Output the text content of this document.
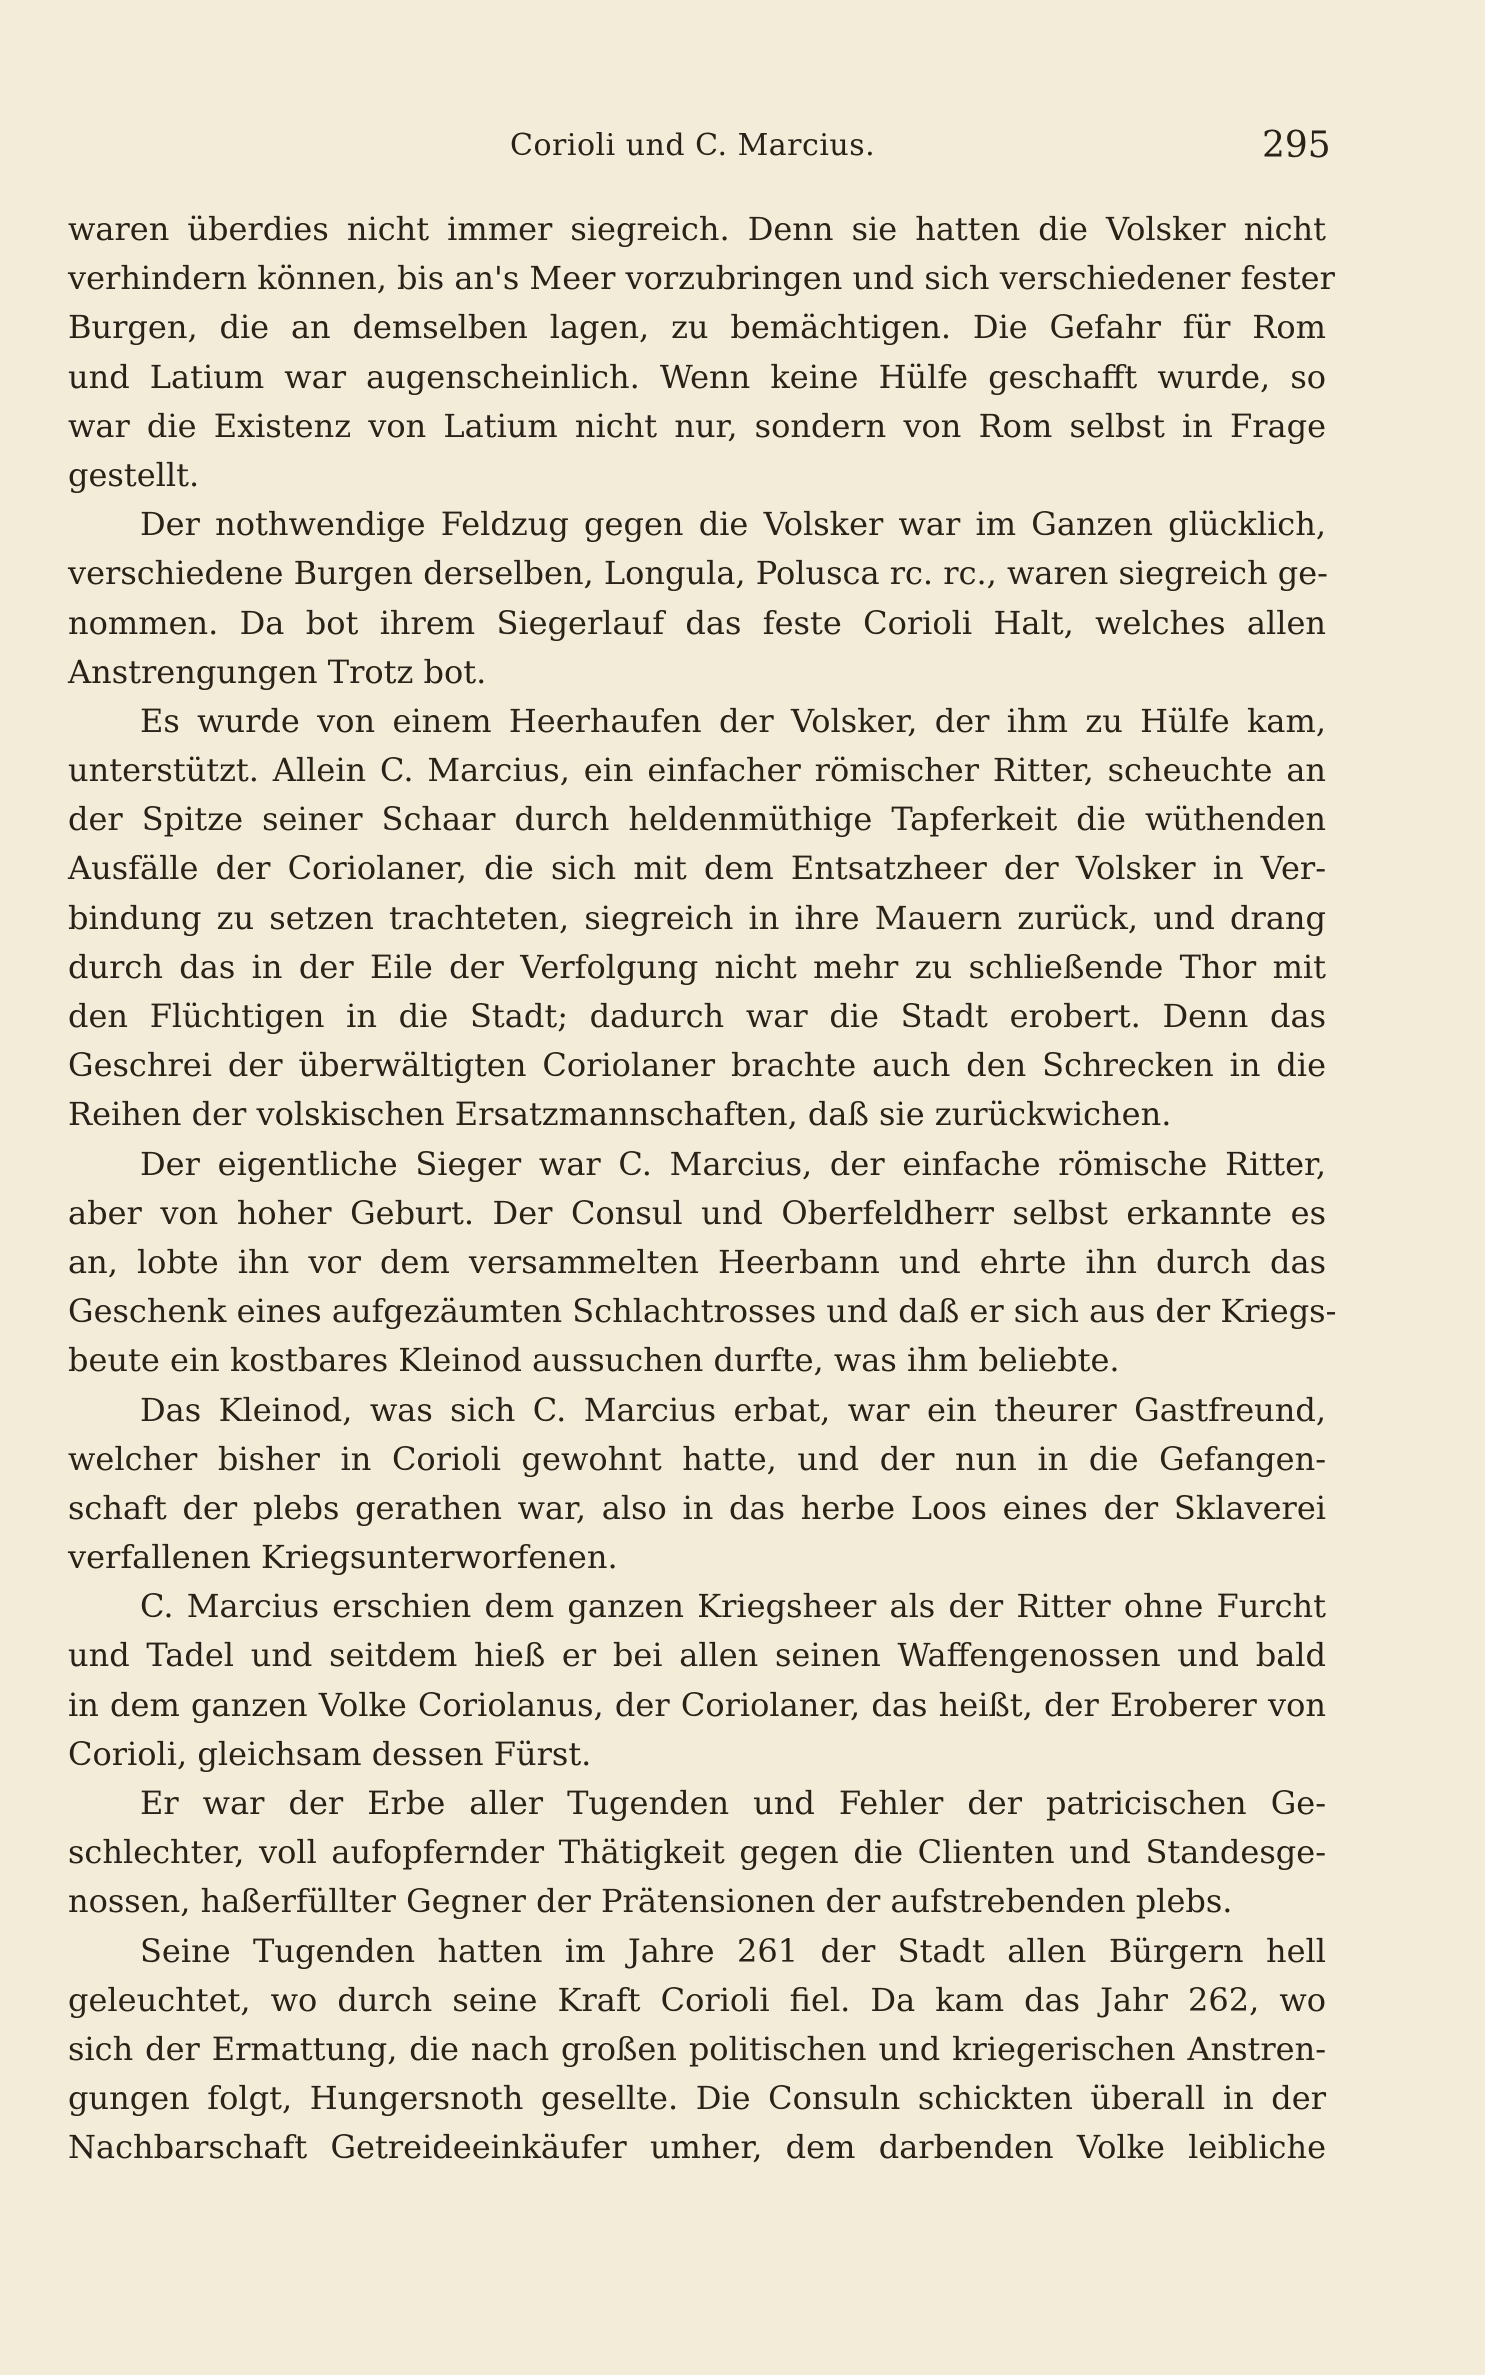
Corioli und C. Marcius.	295
waren überdies nicht immer siegreich. Denn sie hatten die Volsker nicht
verhindern können, bis an's Meer vorzubringen und sich verschiedener fester
Burgen, die an demselben lagen, zu bemächtigen. Die Gefahr für Rom
und Latium war augenscheinlich. Wenn keine Hülfe geschafft wurde, so
war die Existenz von Latium nicht nur, sondern von Rom selbst in Frage
gestellt.
Der nothwendige Feldzug gegen die Volsker war im Ganzen glücklich,
verschiedene Burgen derselben, Longula, Polusca rc. rc., waren siegreich ge-
nommen. Da bot ihrem Siegerlauf das feste Corioli Halt, welches allen
Anstrengungen Trotz bot.
Es wurde von einem Heerhaufen der Volsker, der ihm zu Hülfe kam,
unterstützt. Allein C. Marcius, ein einfacher römischer Ritter, scheuchte an
der Spitze seiner Schaar durch heldenmüthige Tapferkeit die wüthenden
Ausfälle der Coriolaner, die sich mit dem Entsatzheer der Volsker in Ver-
bindung zu setzen trachteten, siegreich in ihre Mauern zurück, und drang
durch das in der Eile der Verfolgung nicht mehr zu schließende Thor mit
den Flüchtigen in die Stadt; dadurch war die Stadt erobert. Denn das
Geschrei der überwältigten Coriolaner brachte auch den Schrecken in die
Reihen der volskischen Ersatzmannschaften, daß sie zurückwichen.
Der eigentliche Sieger war C. Marcius, der einfache römische Ritter,
aber von hoher Geburt. Der Consul und Oberfeldherr selbst erkannte es
an, lobte ihn vor dem versammelten Heerbann und ehrte ihn durch das
Geschenk eines aufgezäumten Schlachtrosses und daß er sich aus der Kriegs-
beute ein kostbares Kleinod aussuchen durfte, was ihm beliebte.
Das Kleinod, was sich C. Marcius erbat, war ein theurer Gastfreund,
welcher bisher in Corioli gewohnt hatte, und der nun in die Gefangen-
schaft der plebs gerathen war, also in das herbe Loos eines der Sklaverei
verfallenen Kriegsunterworfenen.
C. Marcius erschien dem ganzen Kriegsheer als der Ritter ohne Furcht
und Tadel und seitdem hieß er bei allen seinen Waffengenossen und bald
in dem ganzen Volke Coriolanus, der Coriolaner, das heißt, der Eroberer von
Corioli, gleichsam dessen Fürst.
Er war der Erbe aller Tugenden und Fehler der patricischen Ge-
schlechter, voll aufopfernder Thätigkeit gegen die Clienten und Standesge-
nossen, haßerfüllter Gegner der Prätensionen der aufstrebenden plebs.
Seine Tugenden hatten im Jahre 261 der Stadt allen Bürgern hell
geleuchtet, wo durch seine Kraft Corioli fiel. Da kam das Jahr 262, wo
sich der Ermattung, die nach großen politischen und kriegerischen Anstren-
gungen folgt, Hungersnoth gesellte. Die Consuln schickten überall in der
Nachbarschaft Getreideeinkäufer umher, dem darbenden Volke leibliche
